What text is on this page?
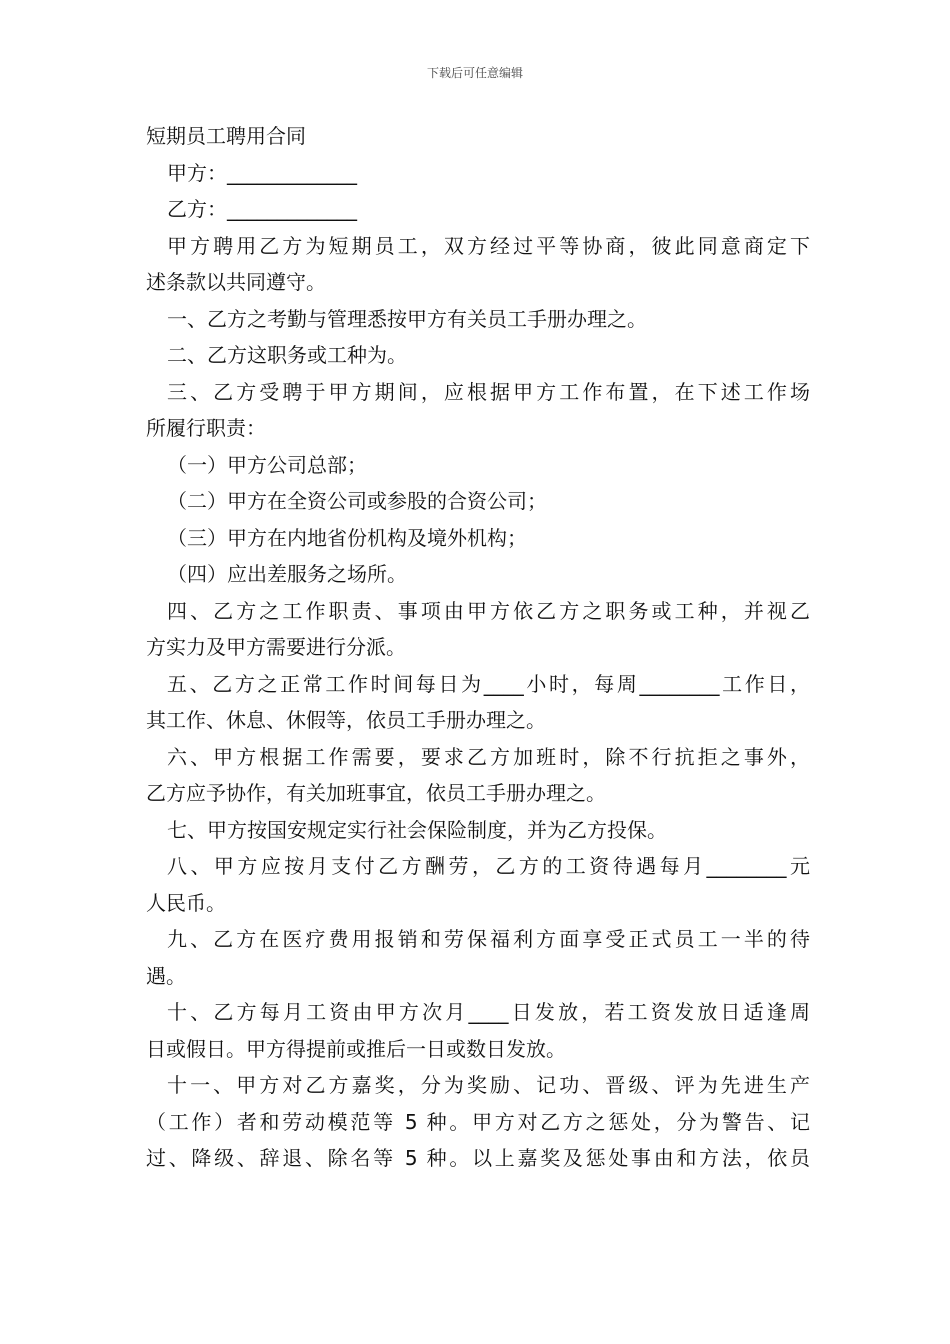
下载后可任意编辑
短期员工聘用合同
甲方：_____________
乙方：_____________
甲方聘用乙方为短期员工，双方经过平等协商，彼此同意商定下
述条款以共同遵守。
一、乙方之考勤与管理悉按甲方有关员工手册办理之。
二、乙方这职务或工种为。
三、乙方受聘于甲方期间，应根据甲方工作布置，在下述工作场
所履行职责：
（一）甲方公司总部；
（二）甲方在全资公司或参股的合资公司；
（三）甲方在内地省份机构及境外机构；
（四）应出差服务之场所。
四、乙方之工作职责、事项由甲方依乙方之职务或工种，并视乙
方实力及甲方需要进行分派。
五、乙方之正常工作时间每日为____小时，每周________工作日，
其工作、休息、休假等，依员工手册办理之。
六、甲方根据工作需要，要求乙方加班时，除不行抗拒之事外，
乙方应予协作，有关加班事宜，依员工手册办理之。
七、甲方按国安规定实行社会保险制度，并为乙方投保。
八、甲方应按月支付乙方酬劳，乙方的工资待遇每月________元
人民币。
九、乙方在医疗费用报销和劳保福利方面享受正式员工一半的待
遇。
十、乙方每月工资由甲方次月____日发放，若工资发放日适逢周
日或假日。甲方得提前或推后一日或数日发放。
十一、甲方对乙方嘉奖，分为奖励、记功、晋级、评为先进生产
（工作）者和劳动模范等 5 种。甲方对乙方之惩处，分为警告、记
过、降级、辞退、除名等 5 种。以上嘉奖及惩处事由和方法，依员
